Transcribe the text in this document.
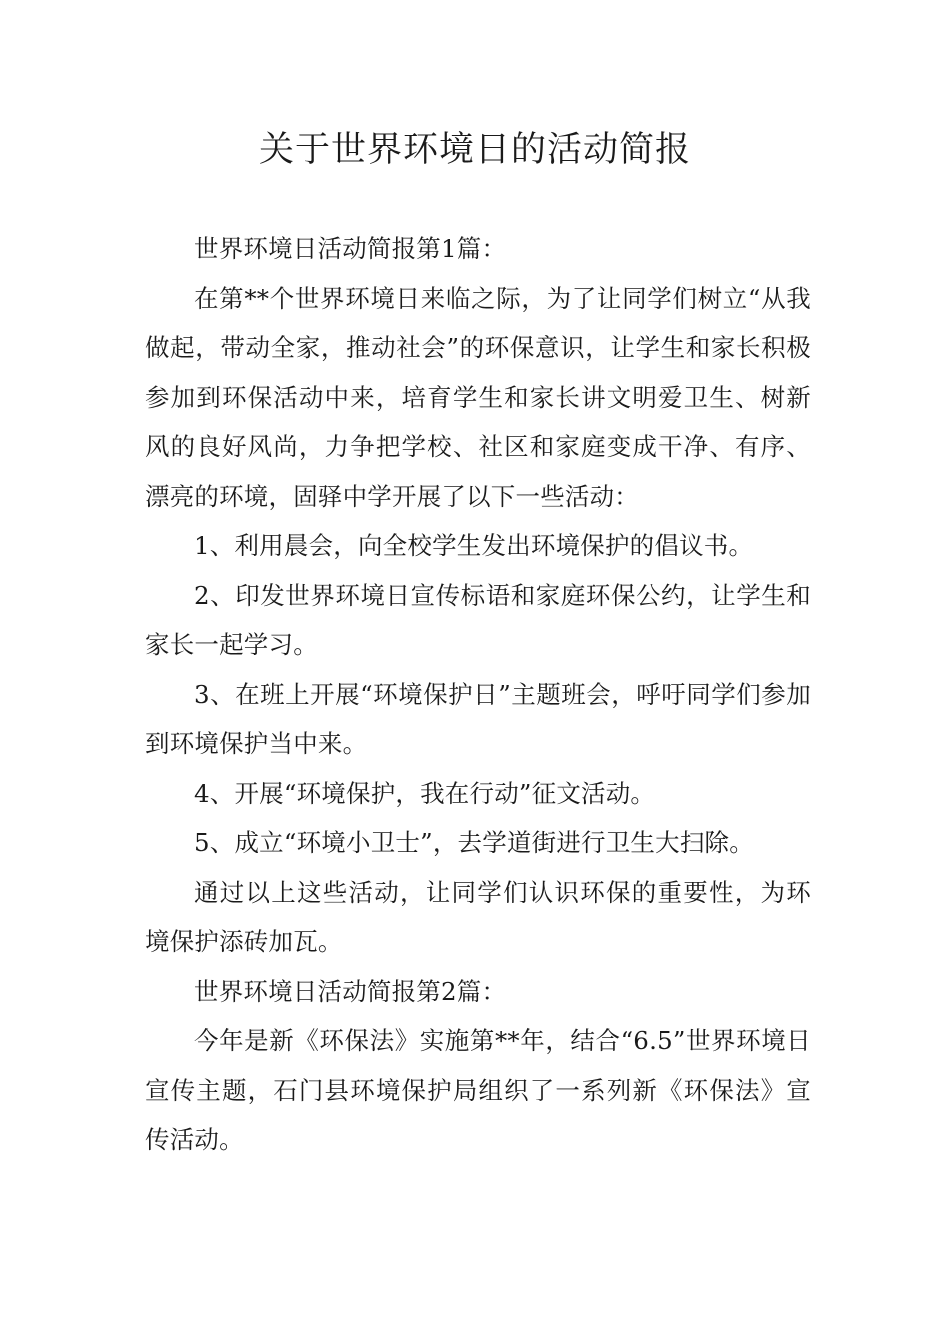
关于世界环境日的活动简报

世界环境日活动简报第1篇：

在第**个世界环境日来临之际，为了让同学们树立“从我做起，带动全家，推动社会”的环保意识，让学生和家长积极参加到环保活动中来，培育学生和家长讲文明爱卫生、树新风的良好风尚，力争把学校、社区和家庭变成干净、有序、漂亮的环境，固驿中学开展了以下一些活动：

1、利用晨会，向全校学生发出环境保护的倡议书。

2、印发世界环境日宣传标语和家庭环保公约，让学生和家长一起学习。

3、在班上开展“环境保护日”主题班会，呼吁同学们参加到环境保护当中来。

4、开展“环境保护，我在行动”征文活动。

5、成立“环境小卫士”，去学道街进行卫生大扫除。

通过以上这些活动，让同学们认识环保的重要性，为环境保护添砖加瓦。

世界环境日活动简报第2篇：

今年是新《环保法》实施第**年，结合“6.5”世界环境日宣传主题，石门县环境保护局组织了一系列新《环保法》宣传活动。
